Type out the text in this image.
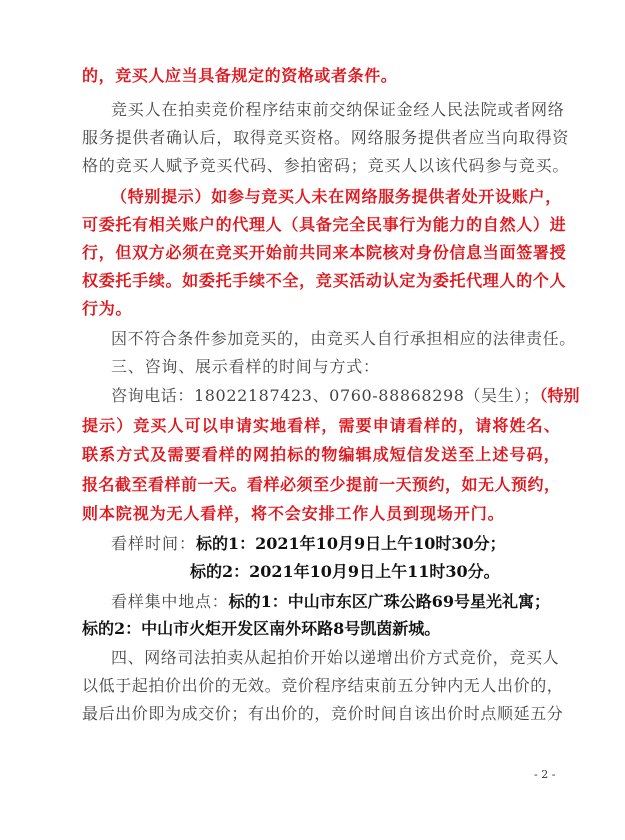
的，竞买人应当具备规定的资格或者条件。
竞买人在拍卖竞价程序结束前交纳保证金经人民法院或者网络
服务提供者确认后，取得竞买资格。网络服务提供者应当向取得资
格的竞买人赋予竞买代码、参拍密码；竞买人以该代码参与竞买。
（特别提示）如参与竞买人未在网络服务提供者处开设账户，
可委托有相关账户的代理人（具备完全民事行为能力的自然人）进
行，但双方必须在竞买开始前共同来本院核对身份信息当面签署授
权委托手续。如委托手续不全，竞买活动认定为委托代理人的个人
行为。
因不符合条件参加竞买的，由竞买人自行承担相应的法律责任。
三、咨询、展示看样的时间与方式：
咨询电话：18022187423、0760-88868298（吴生）；（特别
提示）竞买人可以申请实地看样，需要申请看样的，请将姓名、
联系方式及需要看样的网拍标的物编辑成短信发送至上述号码，
报名截至看样前一天。看样必须至少提前一天预约，如无人预约，
则本院视为无人看样，将不会安排工作人员到现场开门。
看样时间：标的1：2021年10月9日上午10时30分；
标的2：2021年10月9日上午11时30分。
看样集中地点：标的1：中山市东区广珠公路69号星光礼寓；
标的2：中山市火炬开发区南外环路8号凯茵新城。
四、网络司法拍卖从起拍价开始以递增出价方式竞价，竞买人
以低于起拍价出价的无效。竞价程序结束前五分钟内无人出价的，
最后出价即为成交价；有出价的，竞价时间自该出价时点顺延五分
- 2 -
